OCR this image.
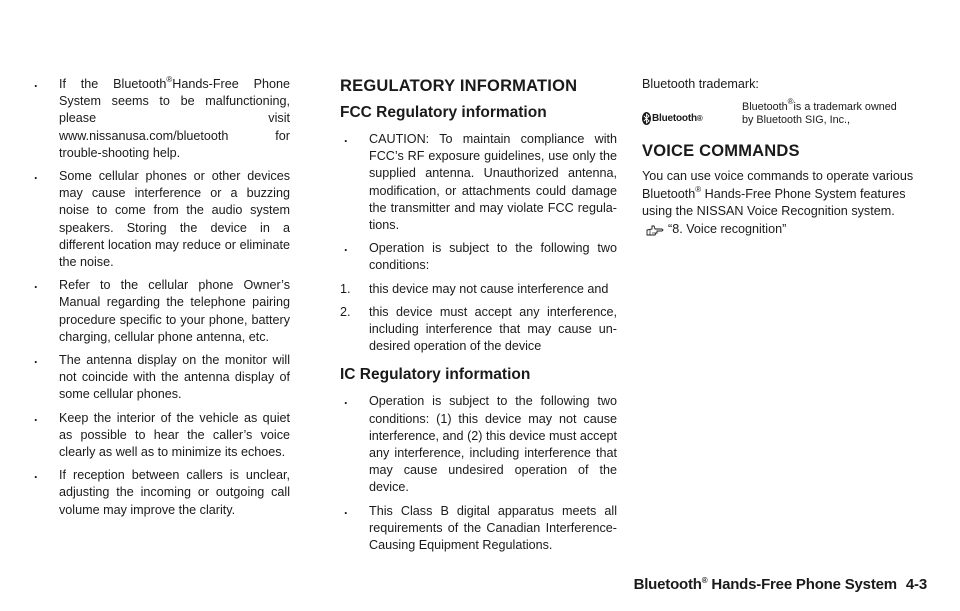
. If the Bluetooth®Hands-Free Phone System seems to be malfunctioning, please visit www.nissanusa.com/bluetooth for trouble-shooting help.
. Some cellular phones or other devices may cause interference or a buzzing noise to come from the audio system speakers. Storing the device in a different location may reduce or eliminate the noise.
. Refer to the cellular phone Owner’s Manual regarding the telephone pairing procedure specific to your phone, battery charging, cellular phone antenna, etc.
. The antenna display on the monitor will not coincide with the antenna display of some cellular phones.
. Keep the interior of the vehicle as quiet as possible to hear the caller’s voice clearly as well as to minimize its echoes.
. If reception between callers is unclear, adjusting the incoming or outgoing call volume may improve the clarity.
REGULATORY INFORMATION
FCC Regulatory information
. CAUTION: To maintain compliance with FCC’s RF exposure guidelines, use only the supplied antenna. Unauthorized antenna, modification, or attachments could damage the transmitter and may violate FCC regula-tions.
. Operation is subject to the following two conditions:
1. this device may not cause interference and
2. this device must accept any interference, including interference that may cause un-desired operation of the device
IC Regulatory information
. Operation is subject to the following two conditions: (1) this device may not cause interference, and (2) this device must accept any interference, including interference that may cause undesired operation of the device.
. This Class B digital apparatus meets all requirements of the Canadian Interference-Causing Equipment Regulations.

Bluetooth trademark:

Bluetooth ®
Bluetooth®is a trademark owned
by Bluetooth SIG, Inc.,
VOICE COMMANDS

You can use voice commands to operate various Bluetooth® Hands-Free Phone System features using the NISSAN Voice Recognition system.

“8. Voice recognition”
Bluetooth® Hands-Free Phone System 4-3
